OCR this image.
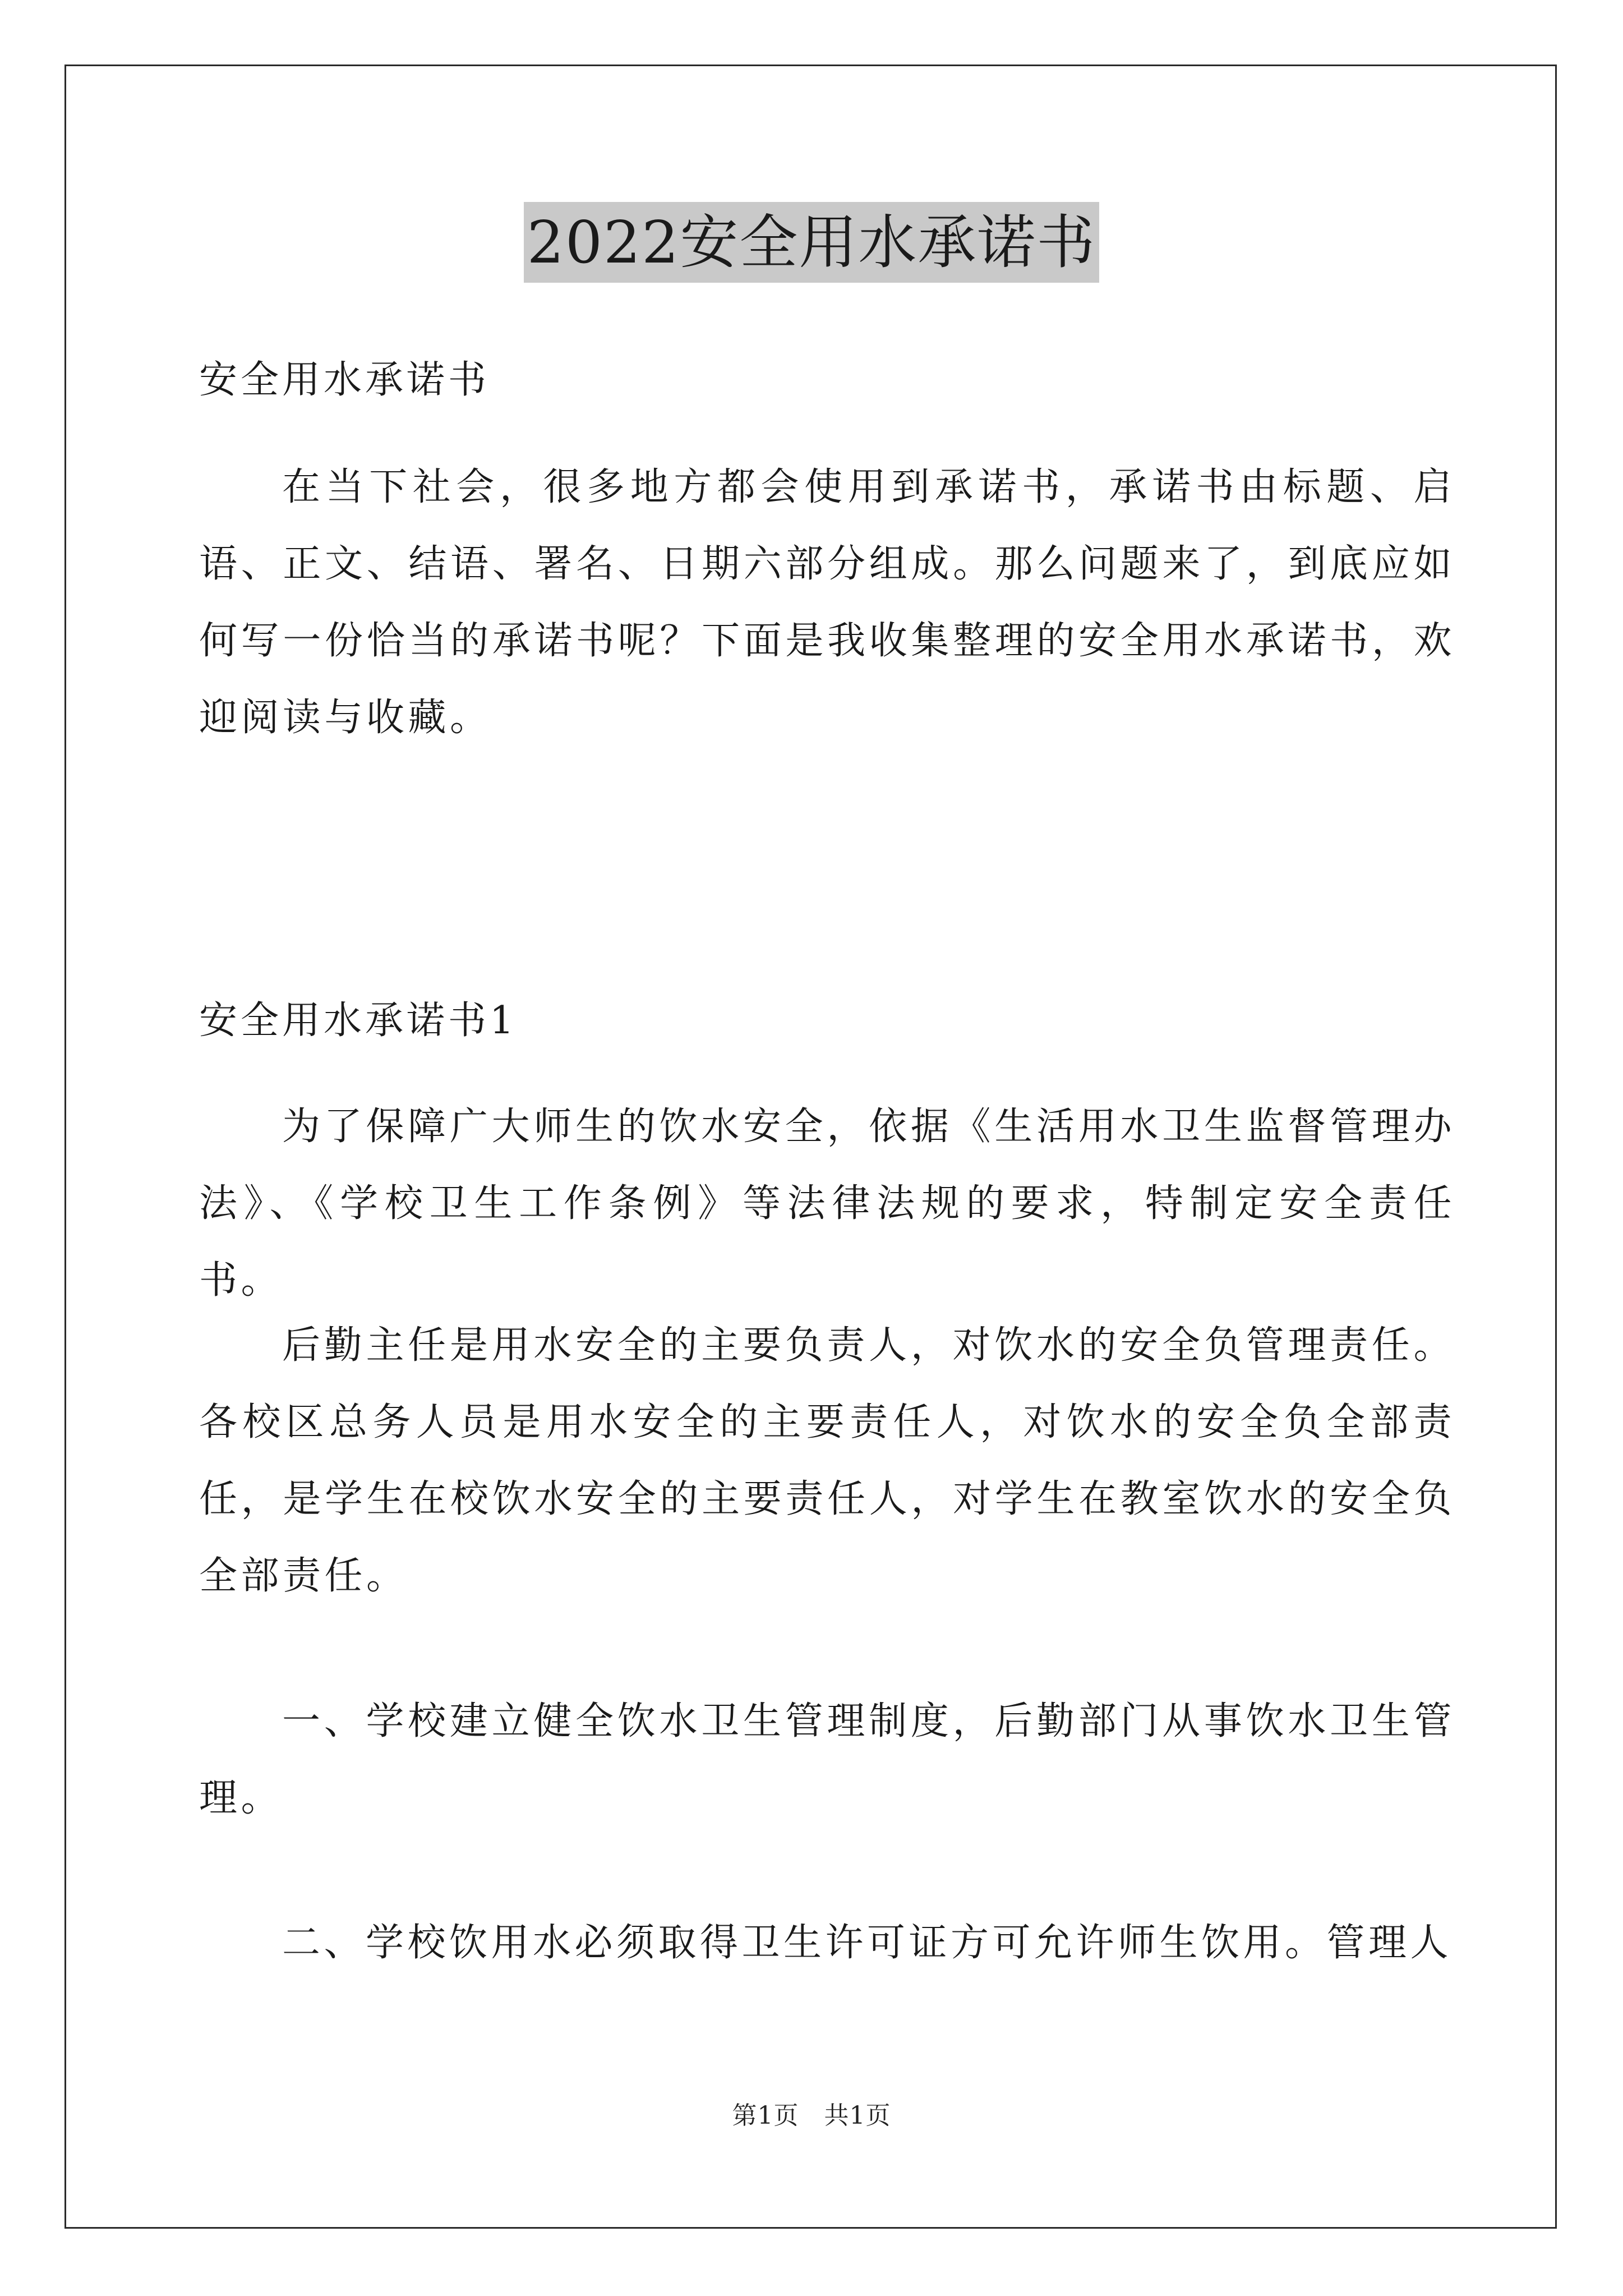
2022安全用水承诺书

安全用水承诺书

在当下社会，很多地方都会使用到承诺书，承诺书由标题、启语、正文、结语、署名、日期六部分组成。那么问题来了，到底应如何写一份恰当的承诺书呢？下面是我收集整理的安全用水承诺书，欢迎阅读与收藏。

安全用水承诺书1

为了保障广大师生的饮水安全，依据《生活用水卫生监督管理办法》、《学校卫生工作条例》等法律法规的要求，特制定安全责任书。

后勤主任是用水安全的主要负责人，对饮水的安全负管理责任。各校区总务人员是用水安全的主要责任人，对饮水的安全负全部责任，是学生在校饮水安全的主要责任人，对学生在教室饮水的安全负全部责任。

一、学校建立健全饮水卫生管理制度，后勤部门从事饮水卫生管理。

二、学校饮用水必须取得卫生许可证方可允许师生饮用。管理人

第1页　共1页
